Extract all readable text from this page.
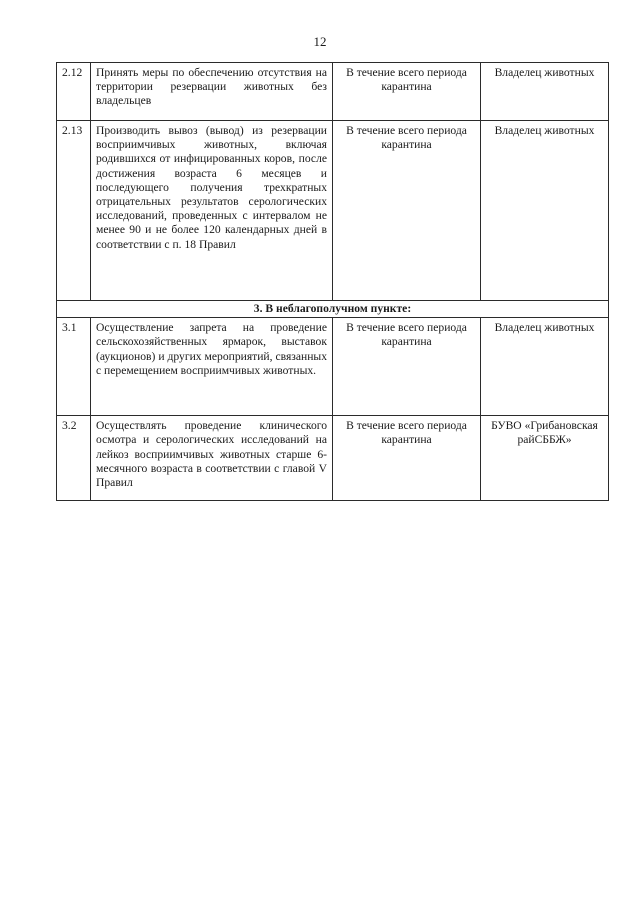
12
2.12	Принять меры по обеспечению отсутствия на территории резервации животных без владельцев	В течение всего периода карантина	Владелец животных
2.13	Производить вывоз (вывод) из резервации восприимчивых животных, включая родившихся от инфицированных коров, после достижения возраста 6 месяцев и последующего получения трехкратных отрицательных результатов серологических исследований, проведенных с интервалом не менее 90 и не более 120 календарных дней в соответствии с п. 18 Правил	В течение всего периода карантина	Владелец животных
3. В неблагополучном пункте:			
3.1	Осуществление запрета на проведение сельскохозяйственных ярмарок, выставок (аукционов) и других мероприятий, связанных с перемещением восприимчивых животных.	В течение всего периода карантина	Владелец животных
3.2	Осуществлять проведение клинического осмотра и серологических исследований на лейкоз восприимчивых животных старше 6-месячного возраста в соответствии с главой V Правил	В течение всего периода карантина	БУВО «Грибановская райСББЖ»
